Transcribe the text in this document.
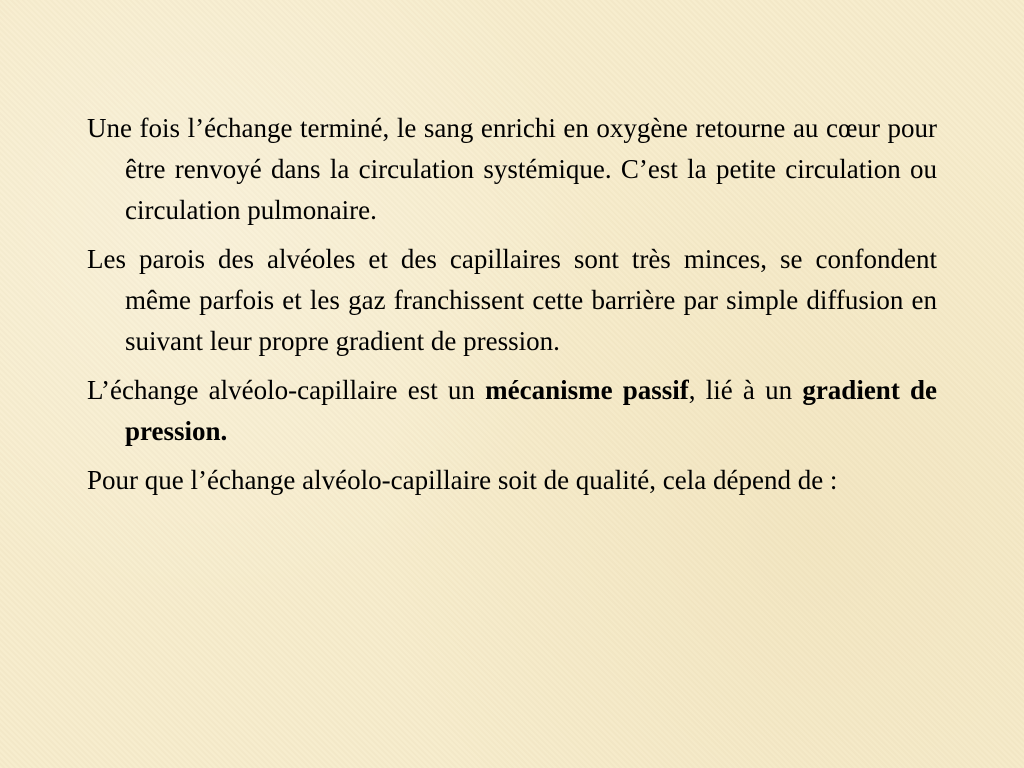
Une fois l’échange terminé, le sang enrichi en oxygène retourne au cœur pour être renvoyé dans la circulation systémique. C’est la petite circulation ou circulation pulmonaire.

Les parois des alvéoles et des capillaires sont très minces, se confondent même parfois et les gaz franchissent cette barrière par simple diffusion en suivant leur propre gradient de pression.

L’échange alvéolo-capillaire est un mécanisme passif, lié à un gradient de pression.

Pour que l’échange alvéolo-capillaire soit de qualité, cela dépend de :
